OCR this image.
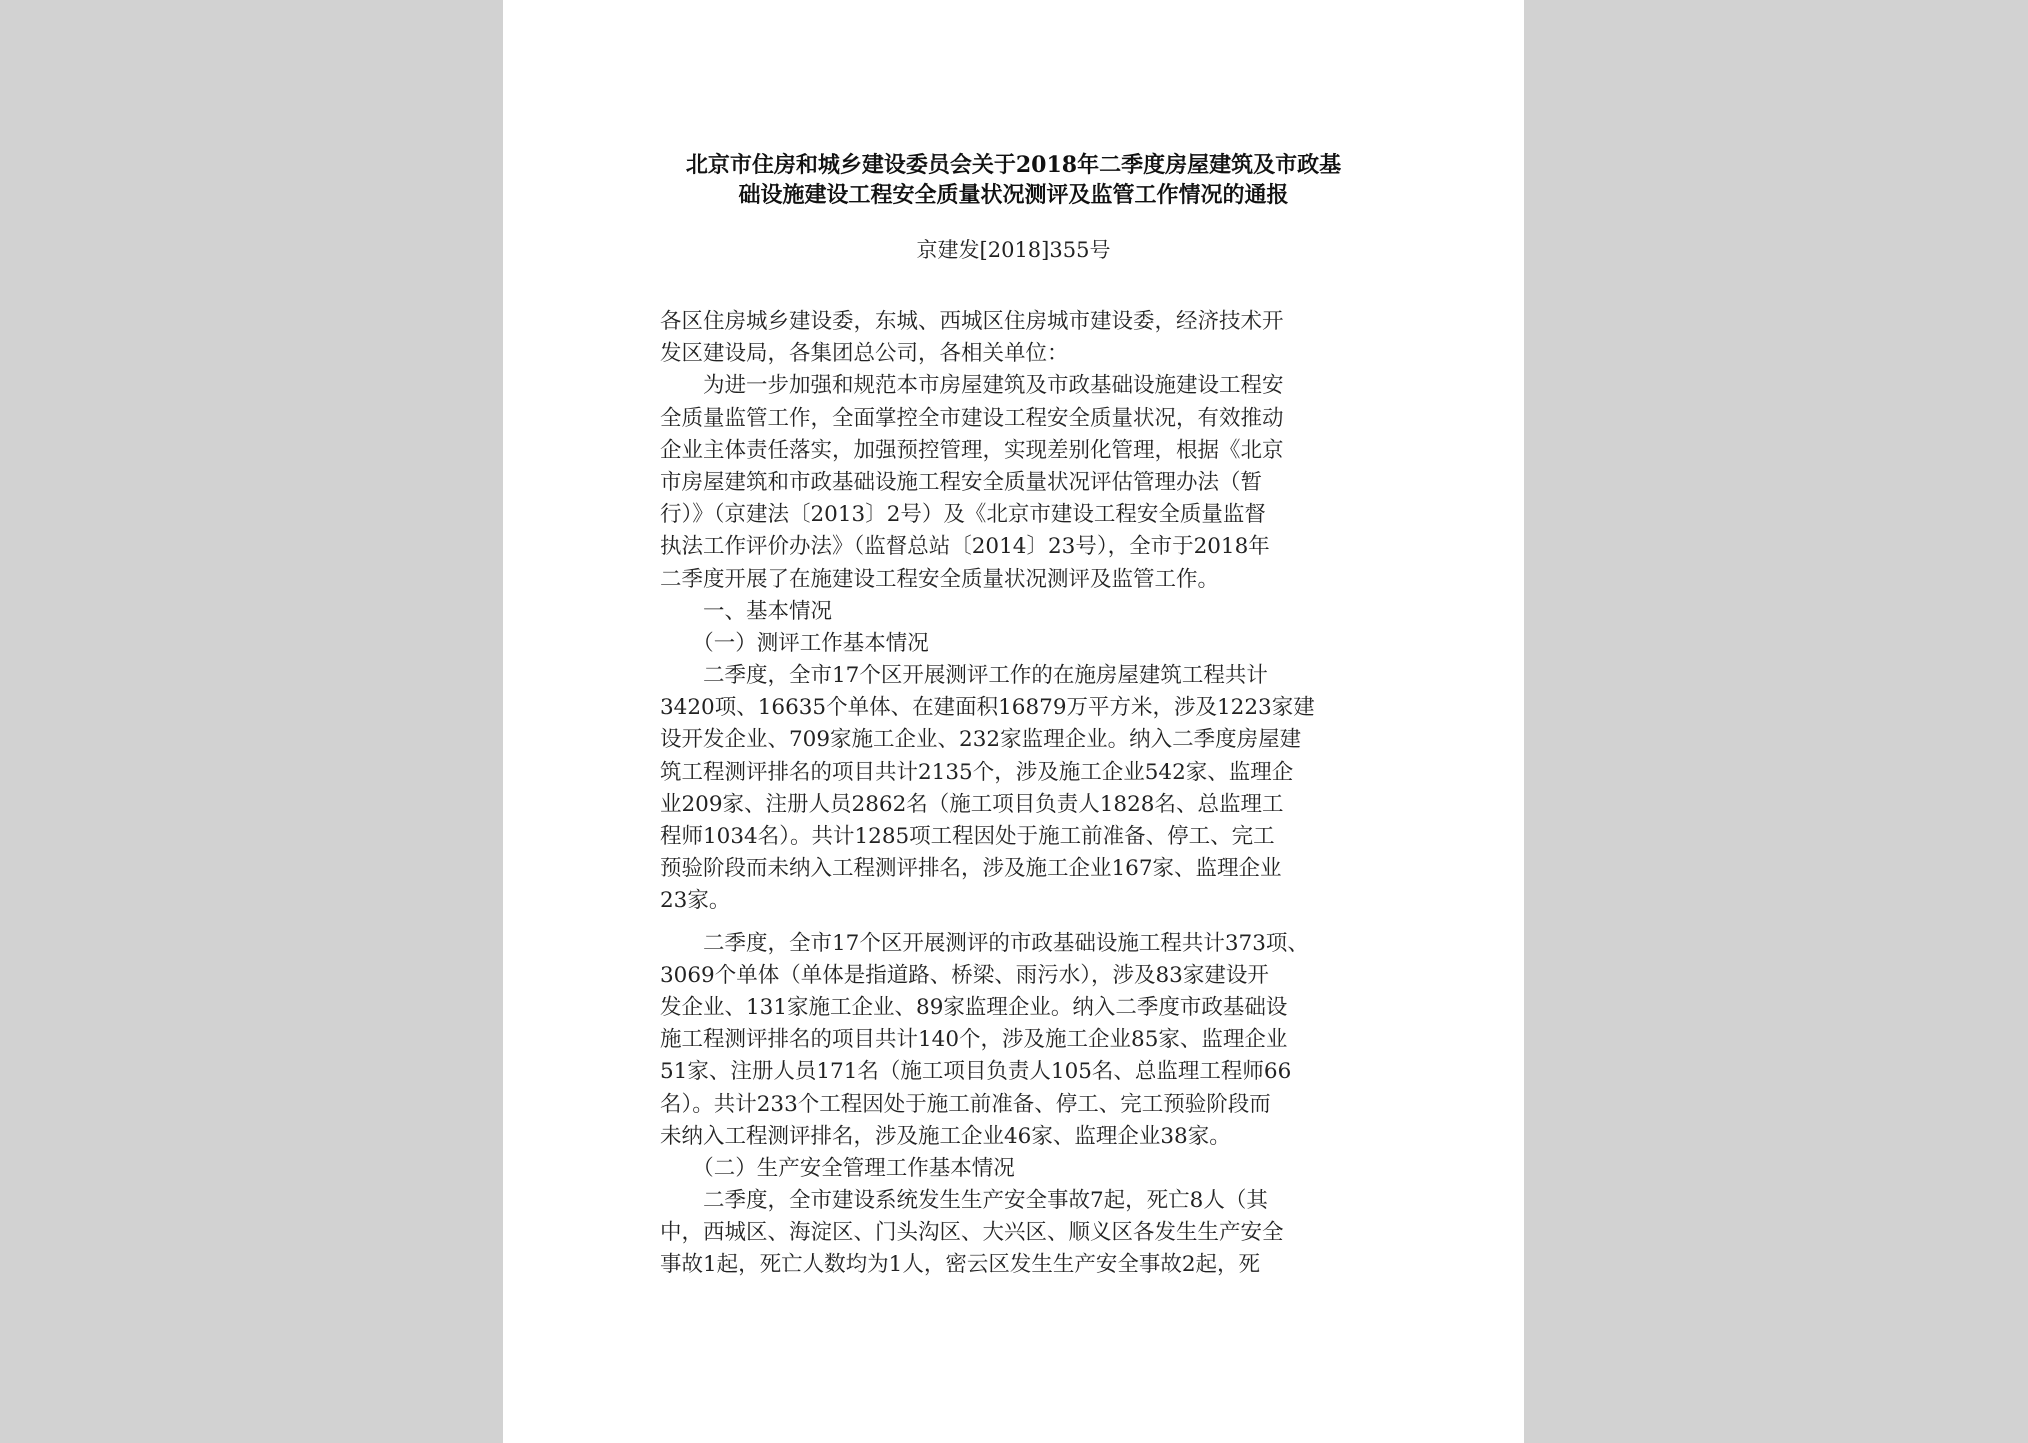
北京市住房和城乡建设委员会关于2018年二季度房屋建筑及市政基
础设施建设工程安全质量状况测评及监管工作情况的通报
京建发[2018]355号
各区住房城乡建设委，东城、西城区住房城市建设委，经济技术开
发区建设局，各集团总公司，各相关单位：
　　为进一步加强和规范本市房屋建筑及市政基础设施建设工程安
全质量监管工作，全面掌控全市建设工程安全质量状况，有效推动
企业主体责任落实，加强预控管理，实现差别化管理，根据《北京
市房屋建筑和市政基础设施工程安全质量状况评估管理办法（暂
行）》（京建法〔2013〕2号）及《北京市建设工程安全质量监督
执法工作评价办法》（监督总站〔2014〕23号），全市于2018年
二季度开展了在施建设工程安全质量状况测评及监管工作。
　　一、基本情况
　　（一）测评工作基本情况
　　二季度，全市17个区开展测评工作的在施房屋建筑工程共计
3420项、16635个单体、在建面积16879万平方米，涉及1223家建
设开发企业、709家施工企业、232家监理企业。纳入二季度房屋建
筑工程测评排名的项目共计2135个，涉及施工企业542家、监理企
业209家、注册人员2862名（施工项目负责人1828名、总监理工
程师1034名）。共计1285项工程因处于施工前准备、停工、完工
预验阶段而未纳入工程测评排名，涉及施工企业167家、监理企业
23家。
　　二季度，全市17个区开展测评的市政基础设施工程共计373项、
3069个单体（单体是指道路、桥梁、雨污水），涉及83家建设开
发企业、131家施工企业、89家监理企业。纳入二季度市政基础设
施工程测评排名的项目共计140个，涉及施工企业85家、监理企业
51家、注册人员171名（施工项目负责人105名、总监理工程师66
名）。共计233个工程因处于施工前准备、停工、完工预验阶段而
未纳入工程测评排名，涉及施工企业46家、监理企业38家。
　　（二）生产安全管理工作基本情况
　　二季度，全市建设系统发生生产安全事故7起，死亡8人（其
中，西城区、海淀区、门头沟区、大兴区、顺义区各发生生产安全
事故1起，死亡人数均为1人，密云区发生生产安全事故2起，死
